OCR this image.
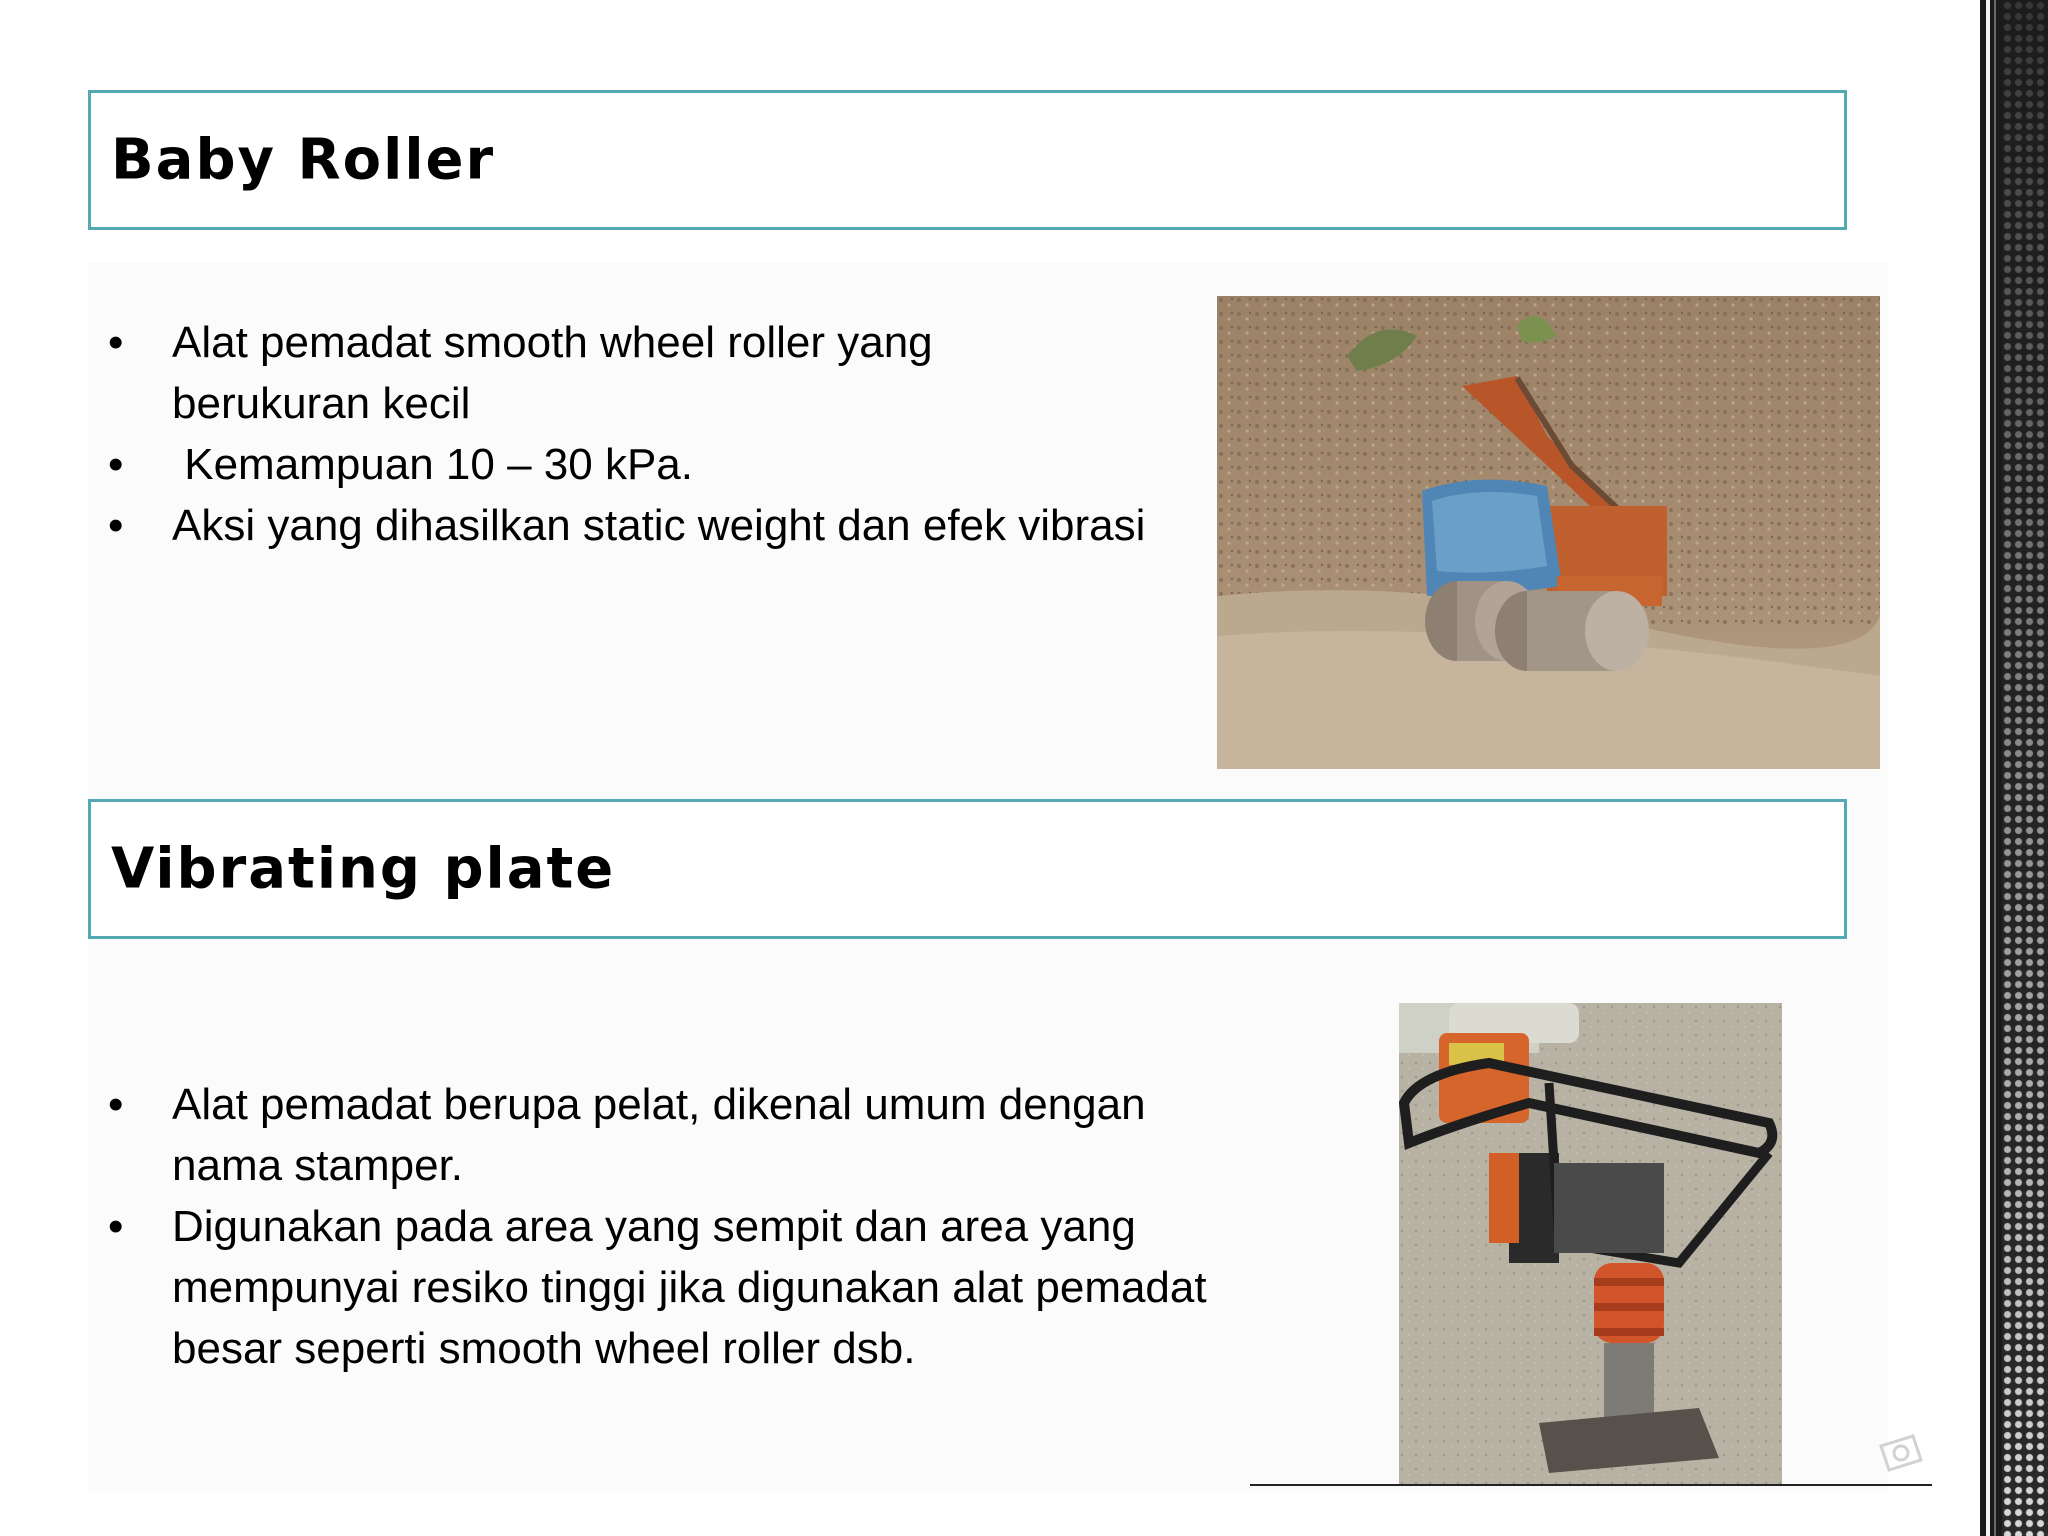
Baby Roller
• Alat pemadat smooth wheel roller yang berukuran kecil
• Kemampuan 10 – 30 kPa.
• Aksi yang dihasilkan static weight dan efek vibrasi
Vibrating plate
• Alat pemadat berupa pelat, dikenal umum dengan nama stamper.
• Digunakan pada area yang sempit dan area yang mempunyai resiko tinggi jika digunakan alat pemadat besar seperti smooth wheel roller dsb.
